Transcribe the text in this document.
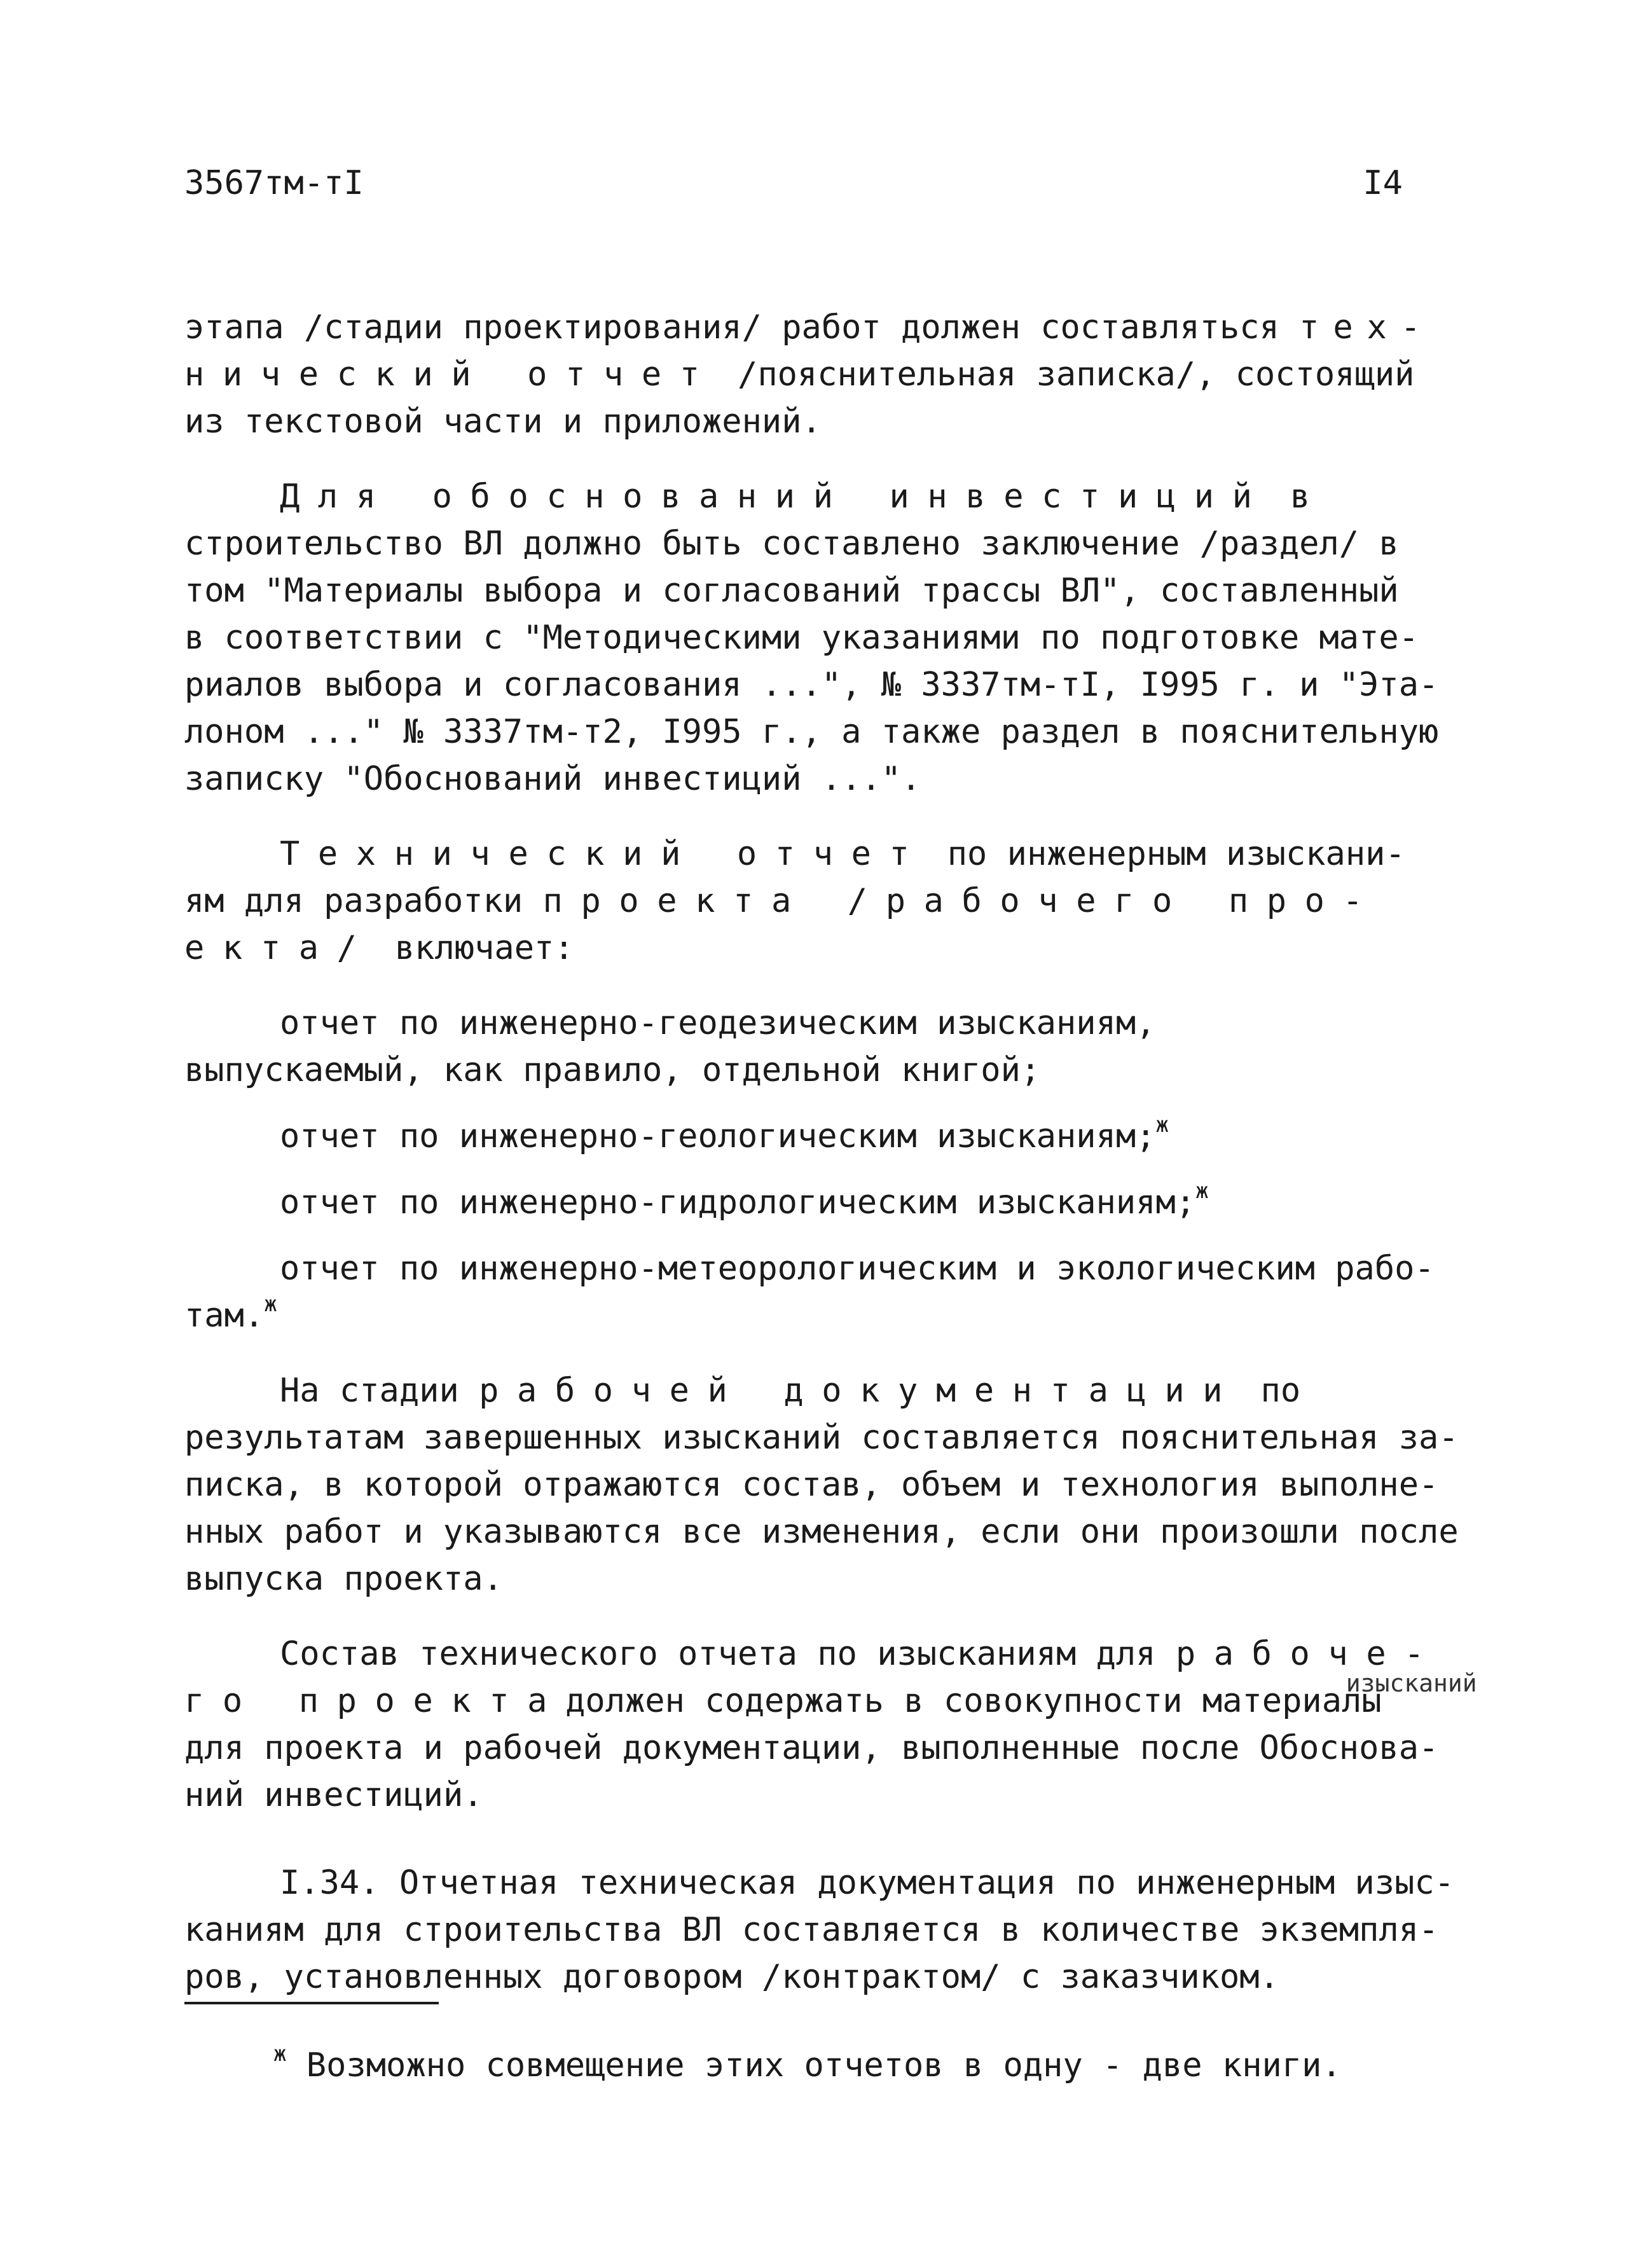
3567тм-тI	I4
этапа /стадии проектирования/ работ должен составляться тех-
нический отчет /пояснительная записка/, состоящий
из текстовой части и приложений.
Для обоснований инвестиций в
строительство ВЛ должно быть составлено заключение /раздел/ в
том "Материалы выбора и согласований трассы ВЛ", составленный
в соответствии с "Методическими указаниями по подготовке мате-
риалов выбора и согласования ...", № 3337тм-тI, I995 г. и "Эта-
лоном ..." № 3337тм-т2, I995 г., а также раздел в пояснительную
записку "Обоснований инвестиций ...".
Технический отчет по инженерным изыскани-
ям для разработки проекта /рабочего про-
екта/ включает:
отчет по инженерно-геодезическим изысканиям,
выпускаемый, как правило, отдельной книгой;
отчет по инженерно-геологическим изысканиям;$^ж$
отчет по инженерно-гидрологическим изысканиям;$^ж$
отчет по инженерно-метеорологическим и экологическим рабо-
там.$^ж$
На стадии рабочей документации по
результатам завершенных изысканий составляется пояснительная за-
писка, в которой отражаются состав, объем и технология выполне-
нных работ и указываются все изменения, если они произошли после
выпуска проекта.
Состав технического отчета по изысканиям для рабоче-
го проектадолжен содержать в совокупности материалы
изысканий
для проекта и рабочей документации, выполненные после Обоснова-
ний инвестиций.
I.34. Отчетная техническая документация по инженерным изыс-
каниям для строительства ВЛ составляется в количестве экземпля-
ров, установленных договором /контрактом/ с заказчиком.
$^ж$ Возможно совмещение этих отчетов в одну - две книги.
